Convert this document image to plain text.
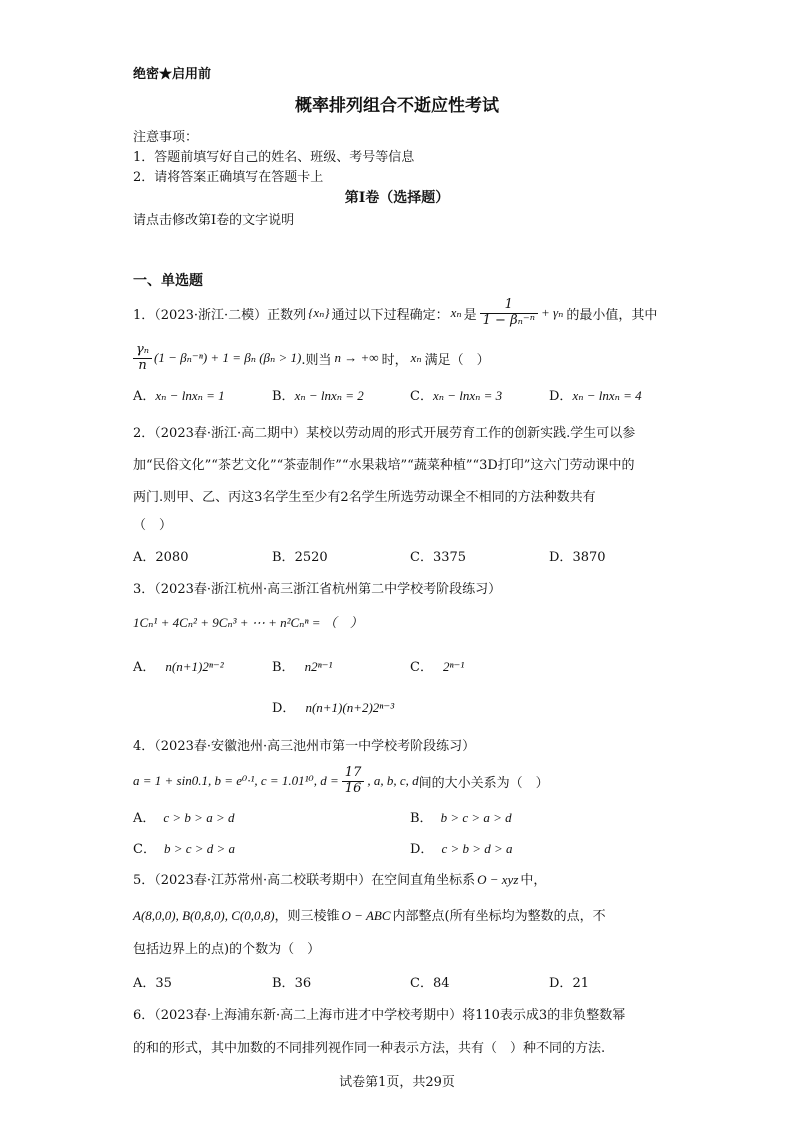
绝密★启用前
概率排列组合不逝应性考试
注意事项：
1．答题前填写好自己的姓名、班级、考号等信息
2．请将答案正确填写在答题卡上
第I卷（选择题）
请点击修改第I卷的文字说明
一、单选题
1．（2023·浙江·二模）正数列 {xₙ} 通过以下过程确定： xₙ 是 $\frac{1}{\text{1 − βₙ⁻ⁿ}} + \gamma_n$ 的最小值，其中
$\frac{\text{γₙ}}{n} (1 - \beta_n^{-n}) + 1 = \beta_n$ (βₙ > 1) .则当 n → +∞ 时， xₙ 满足（　）
A．xₙ − lnxₙ = 1	B．xₙ − lnxₙ = 2	C．xₙ − lnxₙ = 3	D．xₙ − lnxₙ = 4
2．（2023春·浙江·高二期中）某校以劳动周的形式开展劳育工作的创新实践.学生可以参
加“民俗文化”“茶艺文化”“茶壶制作”“水果栽培”“蔬菜种植”“3D打印”这六门劳动课中的
两门.则甲、乙、丙这3名学生至少有2名学生所选劳动课全不相同的方法种数共有
（　）
A．2080	B．2520	C．3375	D．3870
3．（2023春·浙江杭州·高三浙江省杭州第二中学校考阶段练习）
1Cₙ¹ + 4Cₙ² + 9Cₙ³ + ⋯ + n²Cₙⁿ = （　）
A． n(n+1)2ⁿ⁻²	B． n2ⁿ⁻¹	C． 2ⁿ⁻¹
D． n(n+1)(n+2)2ⁿ⁻³
4．（2023春·安徽池州·高三池州市第一中学校考阶段练习）
a = 1 + sin0.1, b = e⁰·¹, c = 1.01¹⁰, $d = \frac{17}{16}$ , a, b, c, d 间的大小关系为（　）
A． c > b > a > d	B． b > c > a > d
C． b > c > d > a	D． c > b > d > a
5．（2023春·江苏常州·高二校联考期中）在空间直角坐标系 O − xyz 中，
A(8,0,0), B(0,8,0), C(0,0,8)，则三棱锥 O − ABC 内部整点(所有坐标均为整数的点，不
包括边界上的点)的个数为（　）
A．35	B．36	C．84	D．21
6．（2023春·上海浦东新·高二上海市进才中学校考期中）将110表示成3的非负整数幂
的和的形式，其中加数的不同排列视作同一种表示方法，共有（　）种不同的方法.
试卷第1页，共29页
